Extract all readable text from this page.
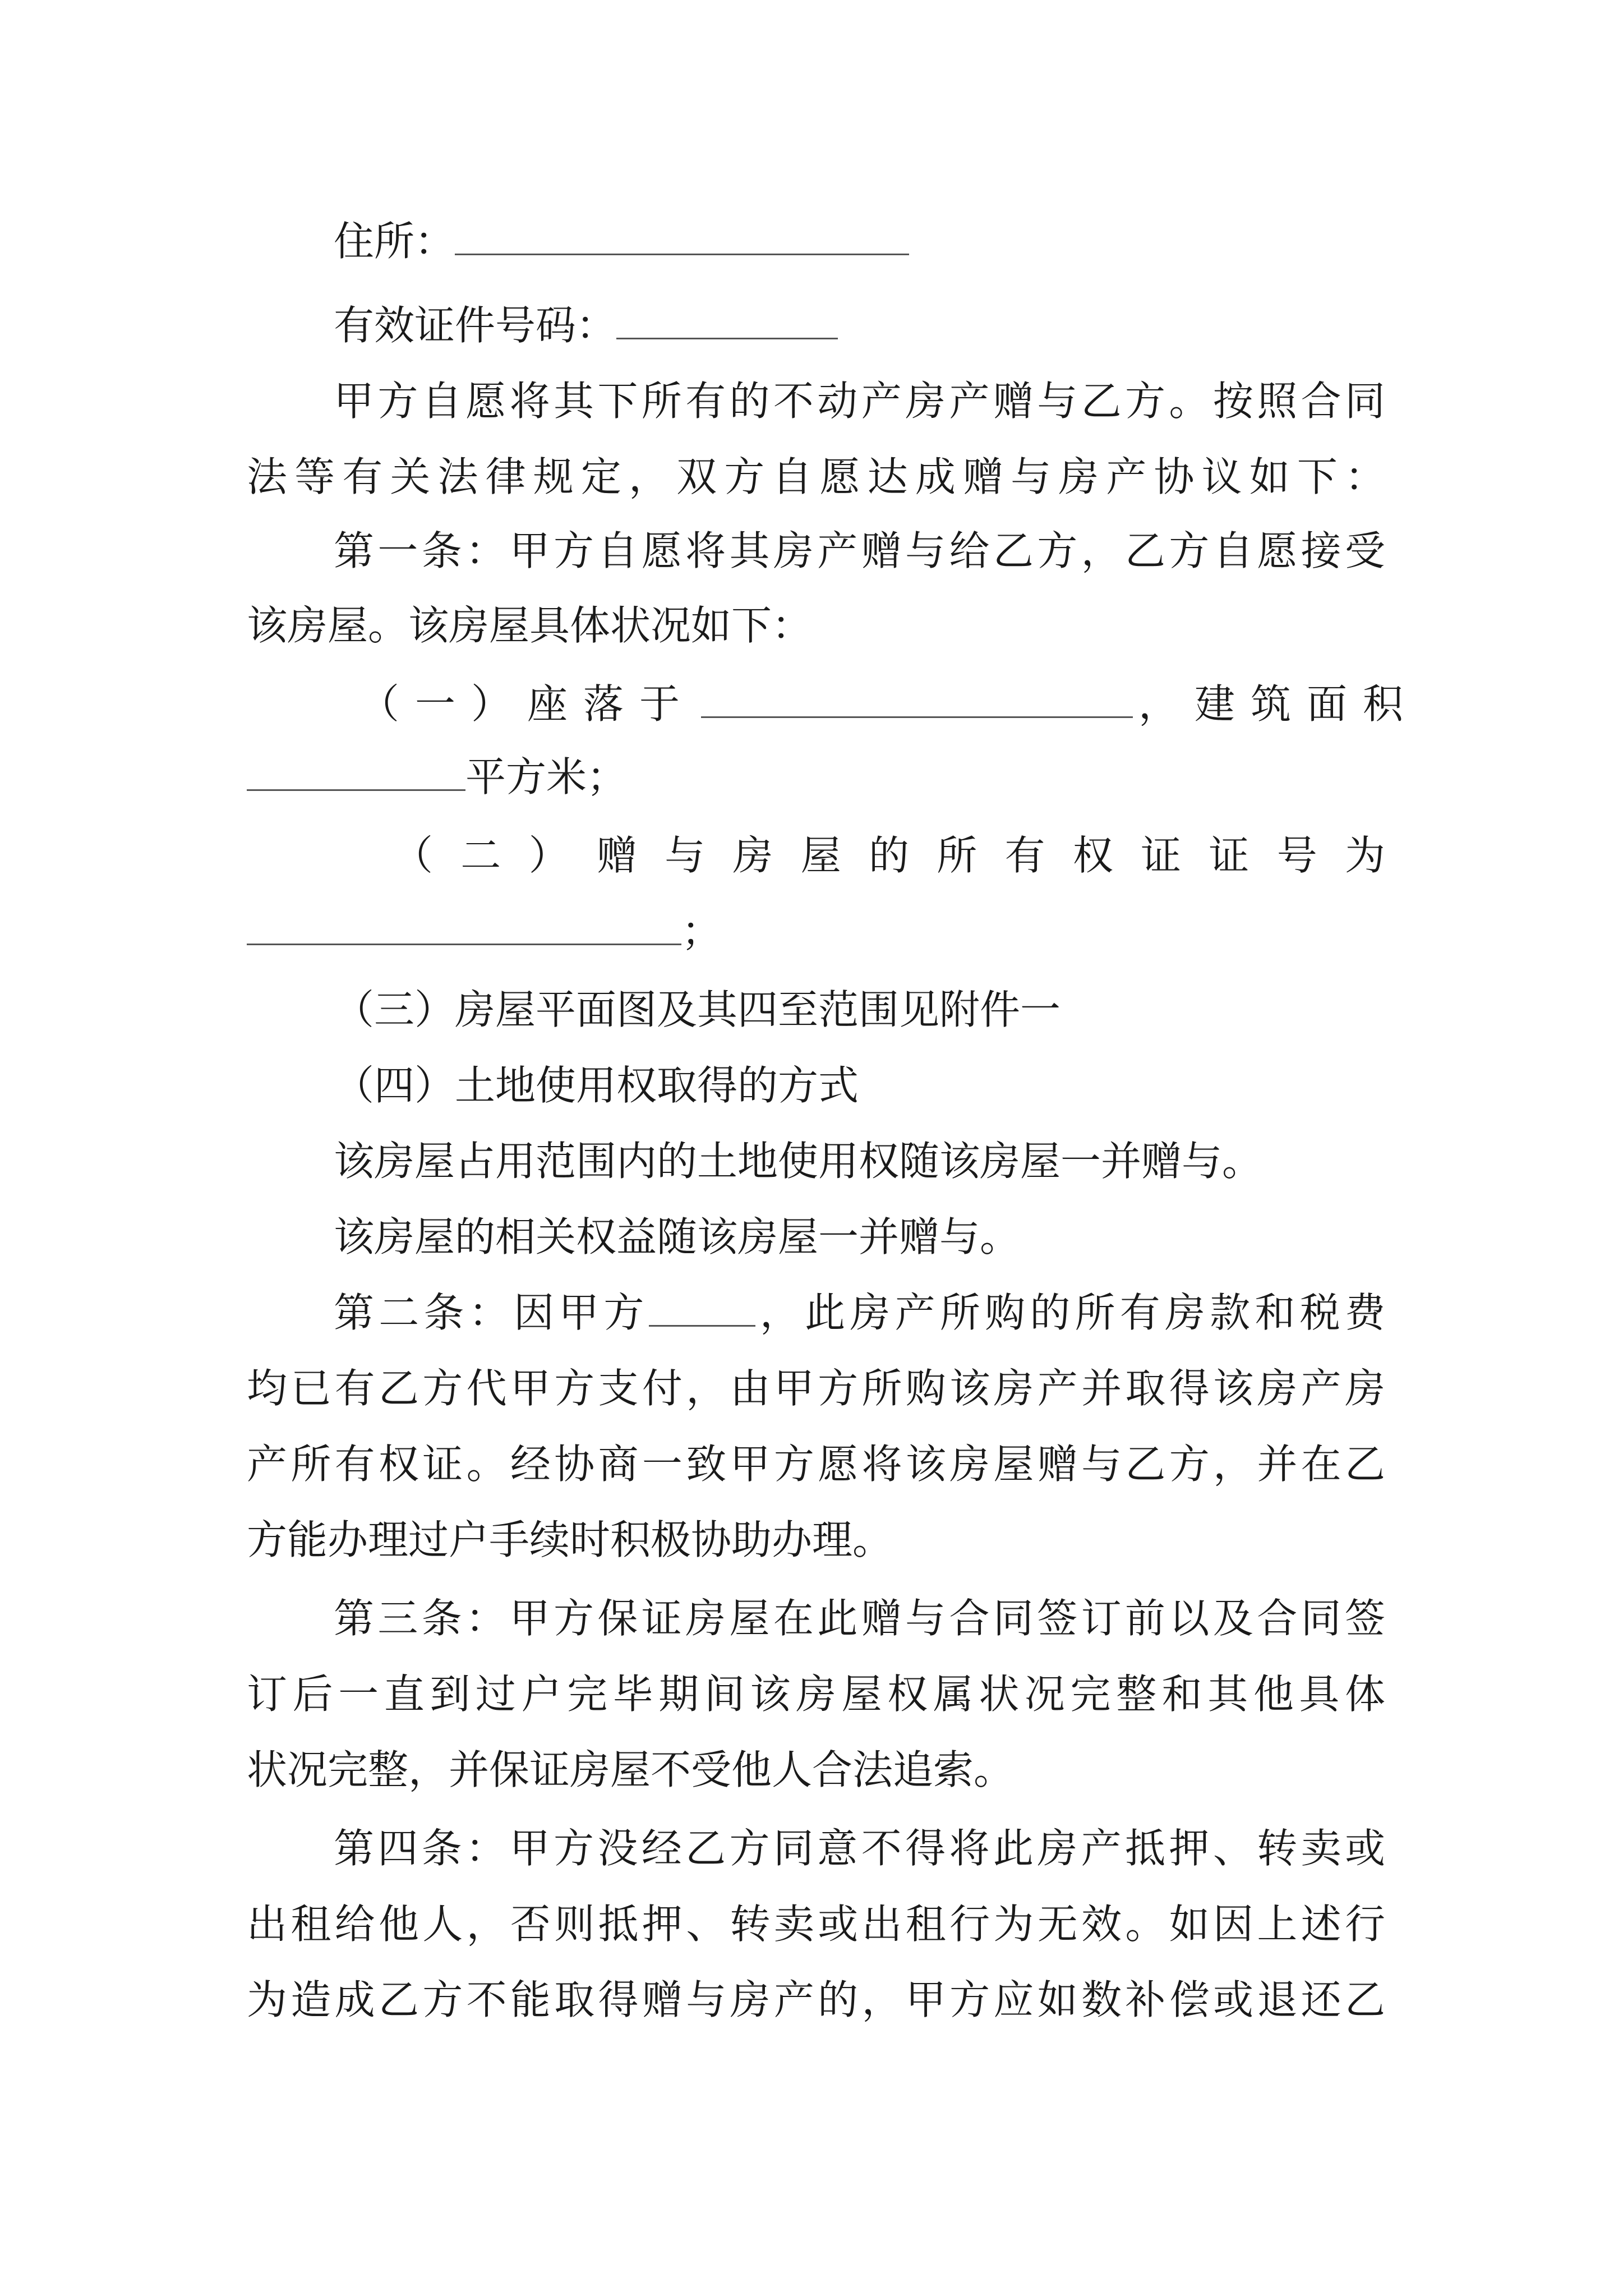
住所：
有效证件号码：
甲方自愿将其下所有的不动产房产赠与乙方。按照合同
法等有关法律规定，双方自愿达成赠与房产协议如下：
第一条：甲方自愿将其房产赠与给乙方，乙方自愿接受
该房屋。该房屋具体状况如下：
（一）座落于	，建筑面积
平方米；
（二）赠与房屋的所有权证证号为
；
（三）房屋平面图及其四至范围见附件一
（四）土地使用权取得的方式
该房屋占用范围内的土地使用权随该房屋一并赠与。
该房屋的相关权益随该房屋一并赠与。
第二条：因甲方	，此房产所购的所有房款和税费
均已有乙方代甲方支付，由甲方所购该房产并取得该房产房
产所有权证。经协商一致甲方愿将该房屋赠与乙方，并在乙
方能办理过户手续时积极协助办理。
第三条：甲方保证房屋在此赠与合同签订前以及合同签
订后一直到过户完毕期间该房屋权属状况完整和其他具体
状况完整，并保证房屋不受他人合法追索。
第四条：甲方没经乙方同意不得将此房产抵押、转卖或
出租给他人，否则抵押、转卖或出租行为无效。如因上述行
为造成乙方不能取得赠与房产的，甲方应如数补偿或退还乙
